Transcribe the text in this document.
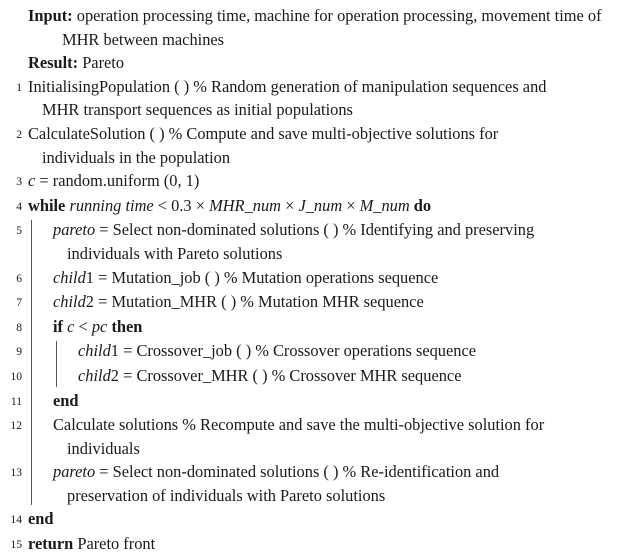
Input: operation processing time, machine for operation processing, movement time of MHR between machines
Result: Pareto
1 InitialisingPopulation ( ) % Random generation of manipulation sequences and
MHR transport sequences as initial populations
2 CalculateSolution ( ) % Compute and save multi-objective solutions for
individuals in the population
3 c = random.uniform (0, 1)
4 while running time < 0.3 × MHR_num × J_num × M_num do
5	pareto = Select non-dominated solutions ( ) % Identifying and preserving
individuals with Pareto solutions
6	child1 = Mutation_job ( ) % Mutation operations sequence
7	child2 = Mutation_MHR ( ) % Mutation MHR sequence
8	if c < pc then
9	child1 = Crossover_job ( ) % Crossover operations sequence
10	child2 = Crossover_MHR ( ) % Crossover MHR sequence
11	end
12	Calculate solutions % Recompute and save the multi-objective solution for
individuals
13	pareto = Select non-dominated solutions ( ) % Re-identification and
preservation of individuals with Pareto solutions
14 end
15 return Pareto front
